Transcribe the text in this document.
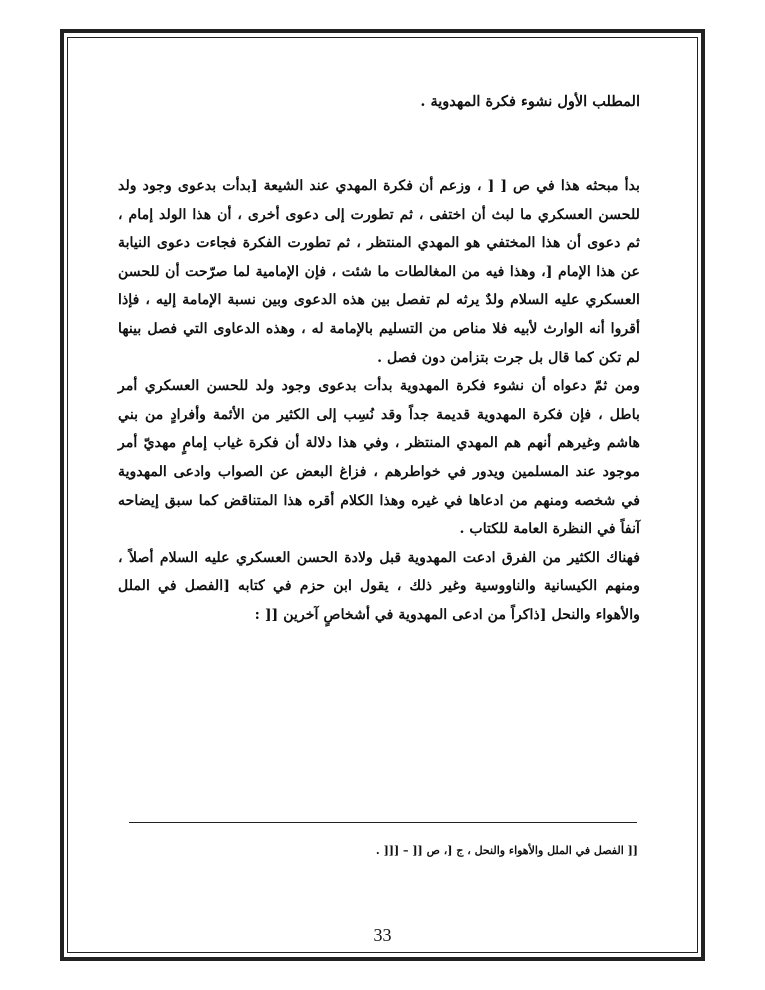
المطلب الأول نشوء فكرة المهدوية .

بدأ مبحثه هذا في ص [ [ ، وزعم أن فكرة المهدي عند الشيعة [بدأت بدعوى وجود ولد للحسن العسكري ما لبث أن اختفى ، ثم تطورت إلى دعوى أخرى ، أن هذا الولد إمام ، ثم دعوى أن هذا المختفي هو المهدي المنتظر ، ثم تطورت الفكرة فجاءت دعوى النيابة عن هذا الإمام [، وهذا فيه من المغالطات ما شئت ، فإن الإمامية لما صرّحت أن للحسن العسكري عليه السلام ولدٌ يرثه لم تفصل بين هذه الدعوى وبين نسبة الإمامة إليه ، فإذا أقروا أنه الوارث لأبيه فلا مناص من التسليم بالإمامة له ، وهذه الدعاوى التي فصل بينها لم تكن كما قال بل جرت بتزامن دون فصل .

ومن ثمّ دعواه أن نشوء فكرة المهدوية بدأت بدعوى وجود ولد للحسن العسكري أمر باطل ، فإن فكرة المهدوية قديمة جداً وقد نُسِب إلى الكثير من الأئمة وأفرادٍ من بني هاشم وغيرهم أنهم هم المهدي المنتظر ، وفي هذا دلالة أن فكرة غياب إمامٍ مهديّ أمر موجود عند المسلمين ويدور في خواطرهم ، فزاغ البعض عن الصواب وادعى المهدوية في شخصه ومنهم من ادعاها في غيره وهذا الكلام أقره هذا المتناقض كما سبق إيضاحه آنفاً في النظرة العامة للكتاب .

فهناك الكثير من الفرق ادعت المهدوية قبل ولادة الحسن العسكري عليه السلام أصلاً ، ومنهم الكيسانية والناووسية وغير ذلك ، يقول ابن حزم في كتابه [الفصل في الملل والأهواء والنحل [ذاكراً من ادعى المهدوية في أشخاصٍ آخرين [[ :

[[ الفصل في الملل والأهواء والنحل ، ج [، ص [[ – [[[ .
33
